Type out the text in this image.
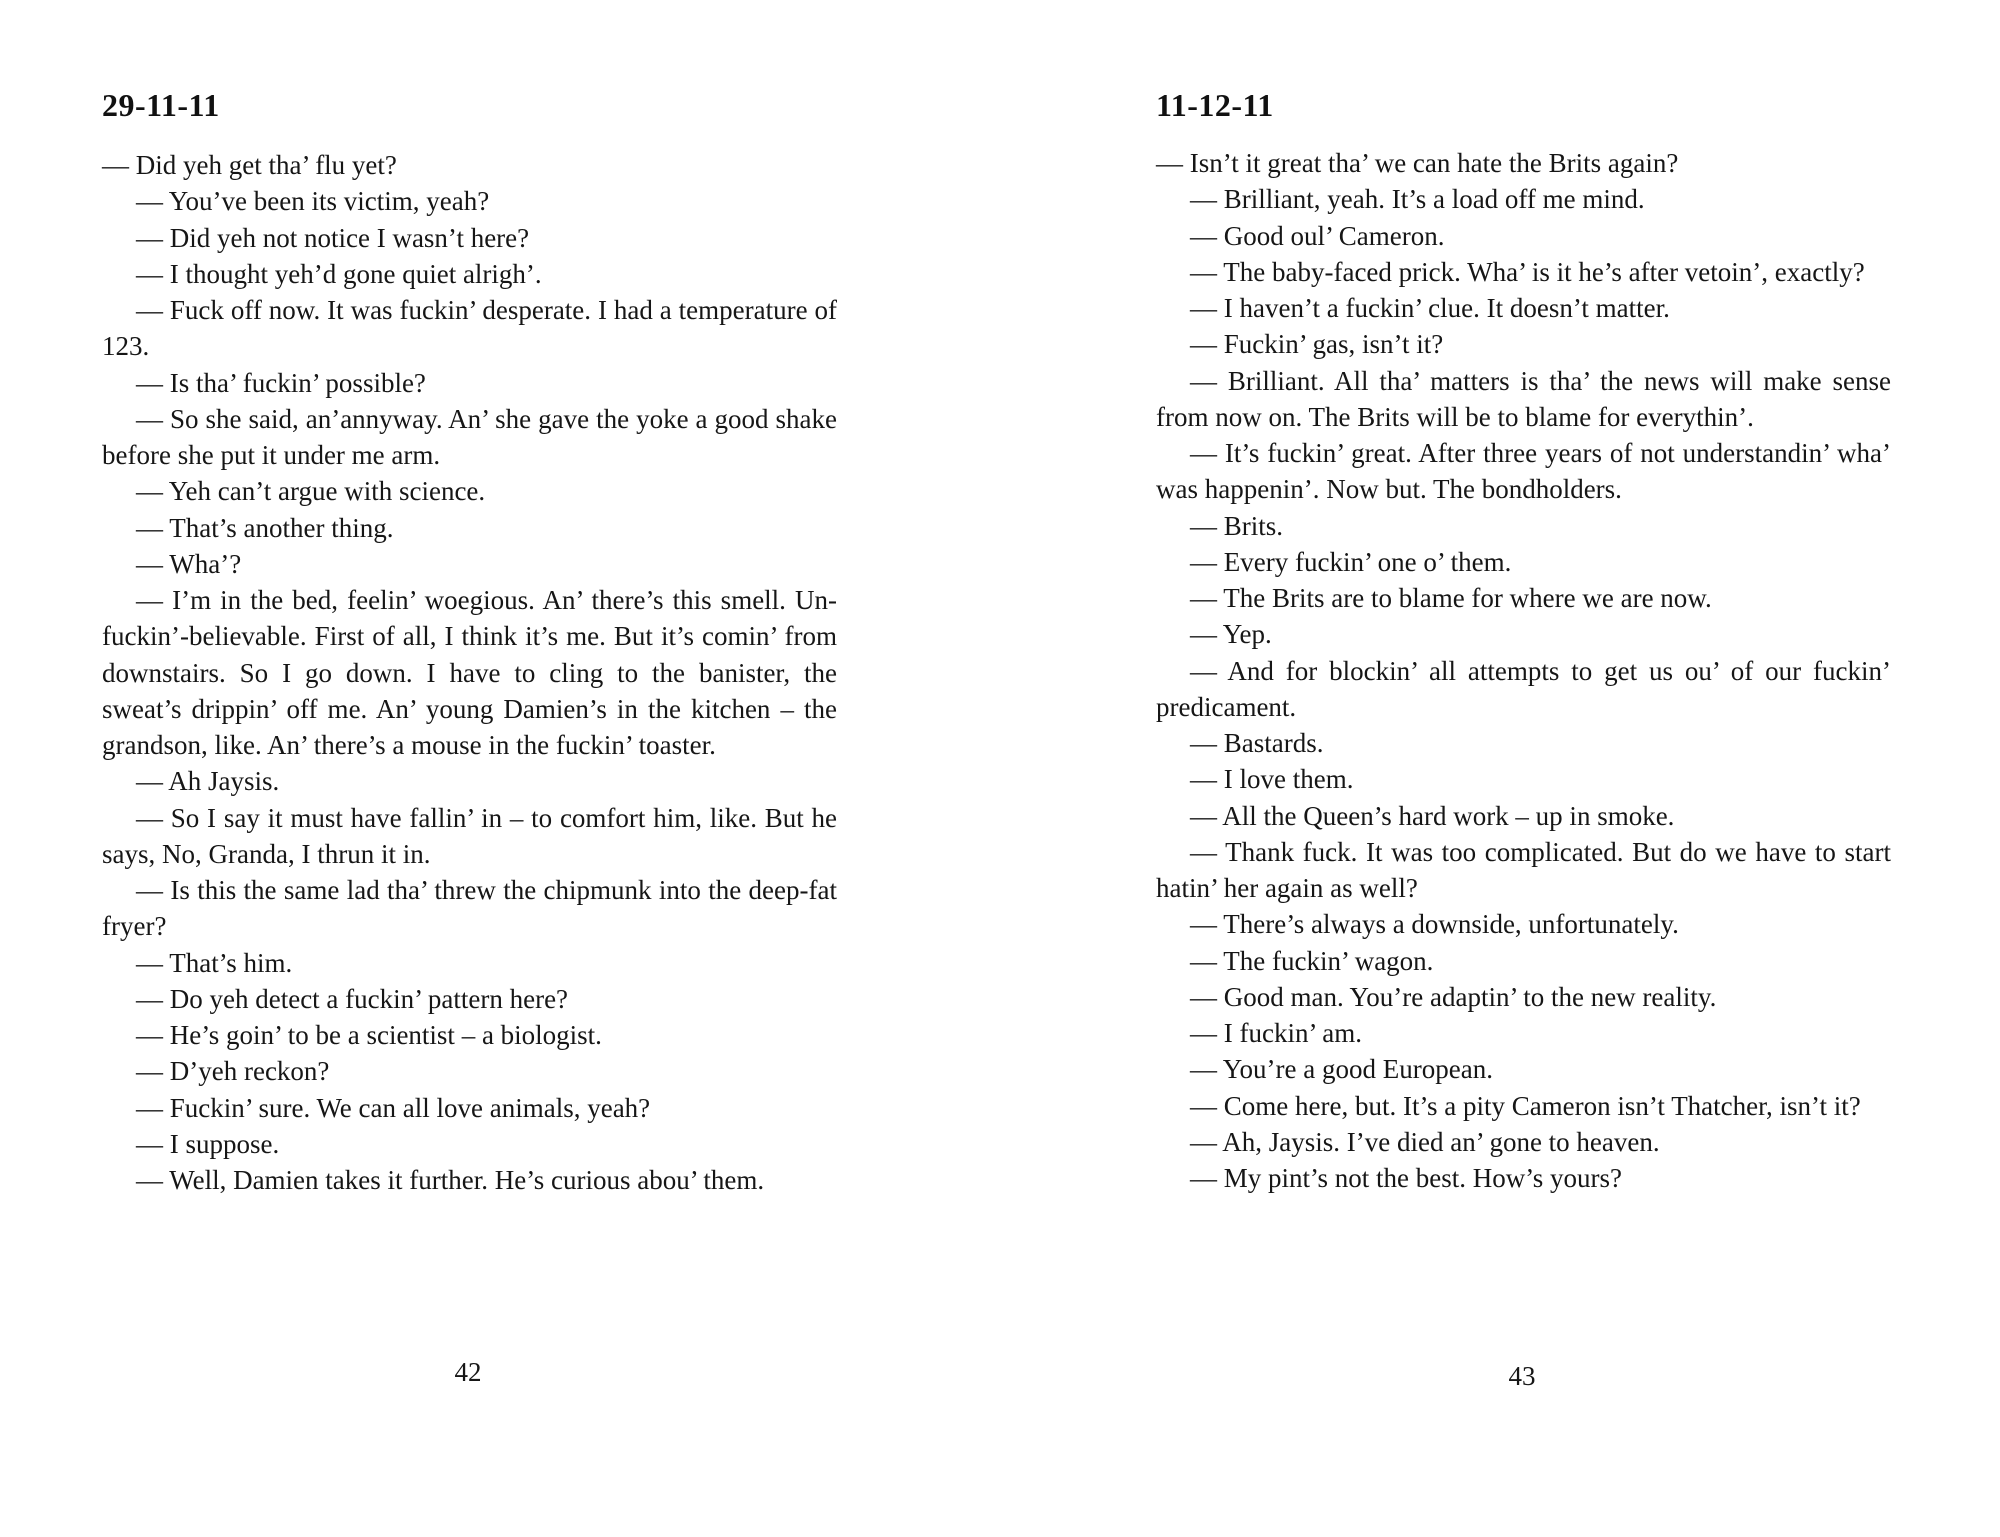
29-11-11

— Did yeh get tha’ flu yet?

— You’ve been its victim, yeah?

— Did yeh not notice I wasn’t here?

— I thought yeh’d gone quiet alrigh’.

— Fuck off now. It was fuckin’ desperate. I had a temperature of 123.

— Is tha’ fuckin’ possible?

— So she said, an’annyway. An’ she gave the yoke a good shake before she put it under me arm.

— Yeh can’t argue with science.

— That’s another thing.

— Wha’?

— I’m in the bed, feelin’ woegious. An’ there’s this smell. Un-fuckin’-believable. First of all, I think it’s me. But it’s comin’ from downstairs. So I go down. I have to cling to the banister, the sweat’s drippin’ off me. An’ young Damien’s in the kitchen – the grandson, like. An’ there’s a mouse in the fuckin’ toaster.

— Ah Jaysis.

— So I say it must have fallin’ in – to comfort him, like. But he says, No, Granda, I thrun it in.

— Is this the same lad tha’ threw the chipmunk into the deep-fat fryer?

— That’s him.

— Do yeh detect a fuckin’ pattern here?

— He’s goin’ to be a scientist – a biologist.

— D’yeh reckon?

— Fuckin’ sure. We can all love animals, yeah?

— I suppose.

— Well, Damien takes it further. He’s curious abou’ them.

42
11-12-11

— Isn’t it great tha’ we can hate the Brits again?

— Brilliant, yeah. It’s a load off me mind.

— Good oul’ Cameron.

— The baby-faced prick. Wha’ is it he’s after vetoin’, exactly?

— I haven’t a fuckin’ clue. It doesn’t matter.

— Fuckin’ gas, isn’t it?

— Brilliant. All tha’ matters is tha’ the news will make sense from now on. The Brits will be to blame for everythin’.

— It’s fuckin’ great. After three years of not understandin’ wha’ was happenin’. Now but. The bondholders.

— Brits.

— Every fuckin’ one o’ them.

— The Brits are to blame for where we are now.

— Yep.

— And for blockin’ all attempts to get us ou’ of our fuckin’ predicament.

— Bastards.

— I love them.

— All the Queen’s hard work – up in smoke.

— Thank fuck. It was too complicated. But do we have to start hatin’ her again as well?

— There’s always a downside, unfortunately.

— The fuckin’ wagon.

— Good man. You’re adaptin’ to the new reality.

— I fuckin’ am.

— You’re a good European.

— Come here, but. It’s a pity Cameron isn’t Thatcher, isn’t it?

— Ah, Jaysis. I’ve died an’ gone to heaven.

— My pint’s not the best. How’s yours?

43
